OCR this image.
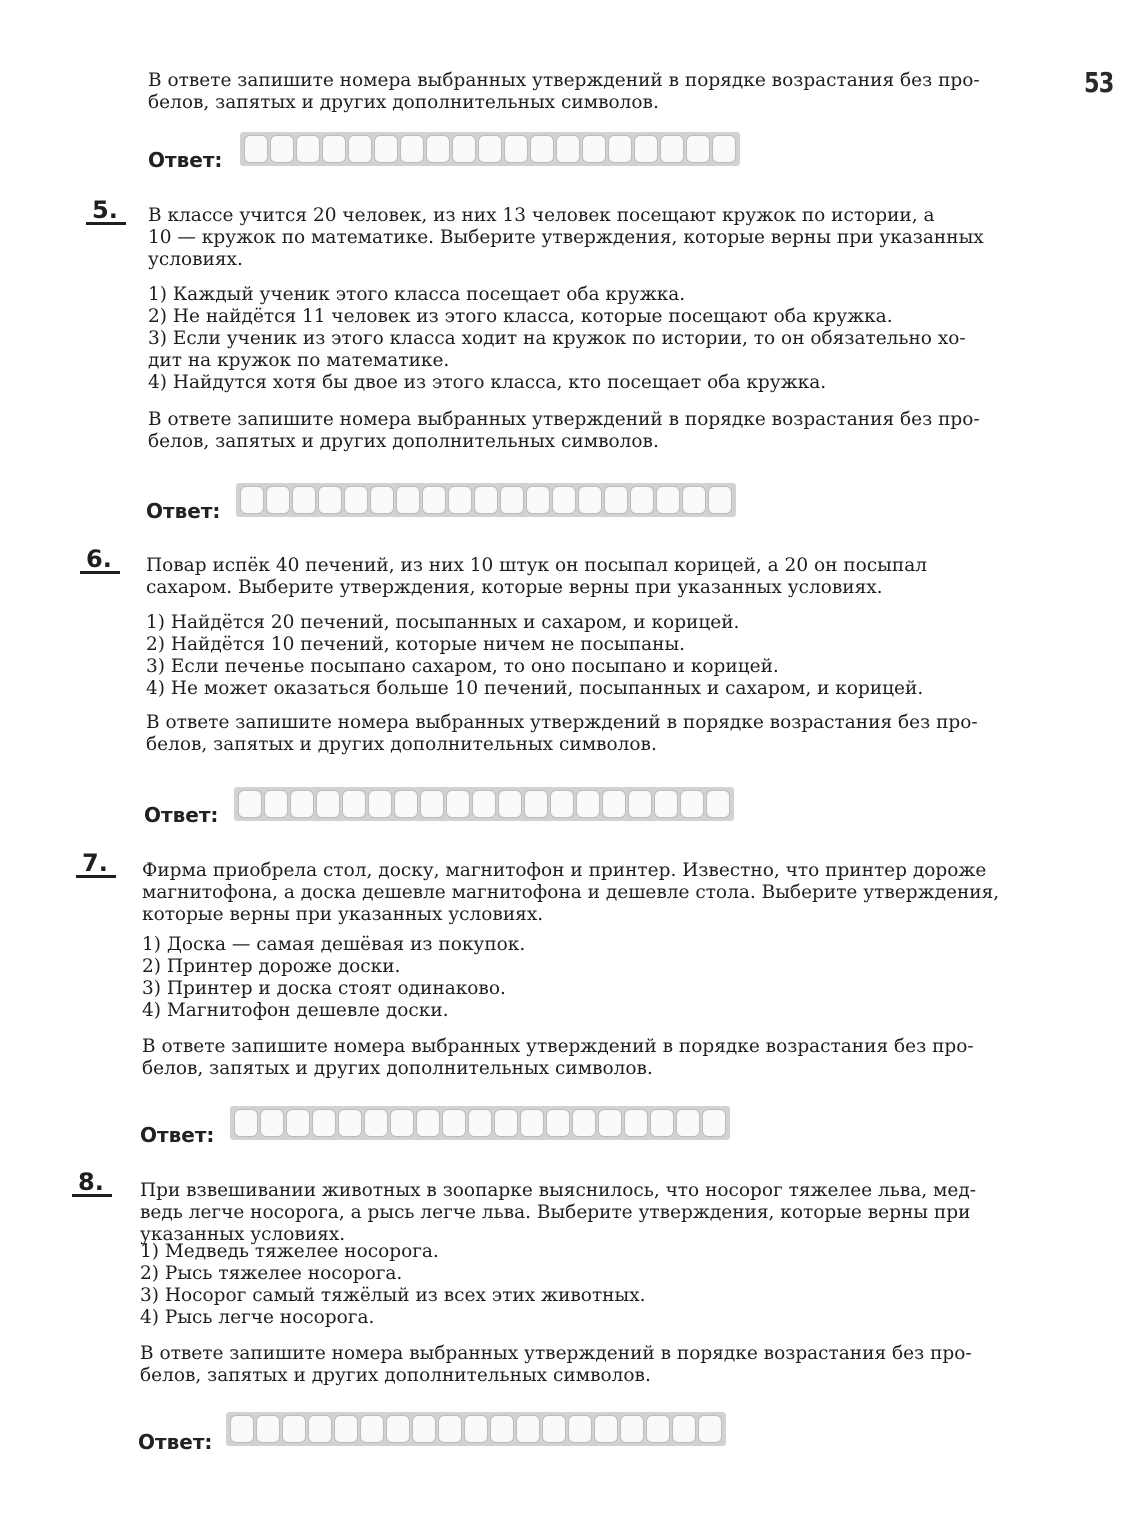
53

В ответе запишите номера выбранных утверждений в порядке возрастания без про-

белов, запятых и других дополнительных символов.

Ответ:
5.	В классе учится 20 человек, из них 13 человек посещают кружок по истории, а

10 — кружок по математике. Выберите утверждения, которые верны при указанных

условиях.

1) Каждый ученик этого класса посещает оба кружка.

2) Не найдётся 11 человек из этого класса, которые посещают оба кружка.

3) Если ученик из этого класса ходит на кружок по истории, то он обязательно хо-

дит на кружок по математике.

4) Найдутся хотя бы двое из этого класса, кто посещает оба кружка.

В ответе запишите номера выбранных утверждений в порядке возрастания без про-

белов, запятых и других дополнительных символов.

Ответ:
6.	Повар испёк 40 печений, из них 10 штук он посыпал корицей, а 20 он посыпал

сахаром. Выберите утверждения, которые верны при указанных условиях.

1) Найдётся 20 печений, посыпанных и сахаром, и корицей.

2) Найдётся 10 печений, которые ничем не посыпаны.

3) Если печенье посыпано сахаром, то оно посыпано и корицей.

4) Не может оказаться больше 10 печений, посыпанных и сахаром, и корицей.

В ответе запишите номера выбранных утверждений в порядке возрастания без про-

белов, запятых и других дополнительных символов.

Ответ:
7.	Фирма приобрела стол, доску, магнитофон и принтер. Известно, что принтер дороже

магнитофона, а доска дешевле магнитофона и дешевле стола. Выберите утверждения,

которые верны при указанных условиях.

1) Доска — самая дешёвая из покупок.

2) Принтер дороже доски.

3) Принтер и доска стоят одинаково.

4) Магнитофон дешевле доски.

В ответе запишите номера выбранных утверждений в порядке возрастания без про-

белов, запятых и других дополнительных символов.

Ответ:
8.	При взвешивании животных в зоопарке выяснилось, что носорог тяжелее льва, мед-

ведь легче носорога, а рысь легче льва. Выберите утверждения, которые верны при

указанных условиях.

1) Медведь тяжелее носорога.

2) Рысь тяжелее носорога.

3) Носорог самый тяжёлый из всех этих животных.

4) Рысь легче носорога.

В ответе запишите номера выбранных утверждений в порядке возрастания без про-

белов, запятых и других дополнительных символов.

Ответ:
